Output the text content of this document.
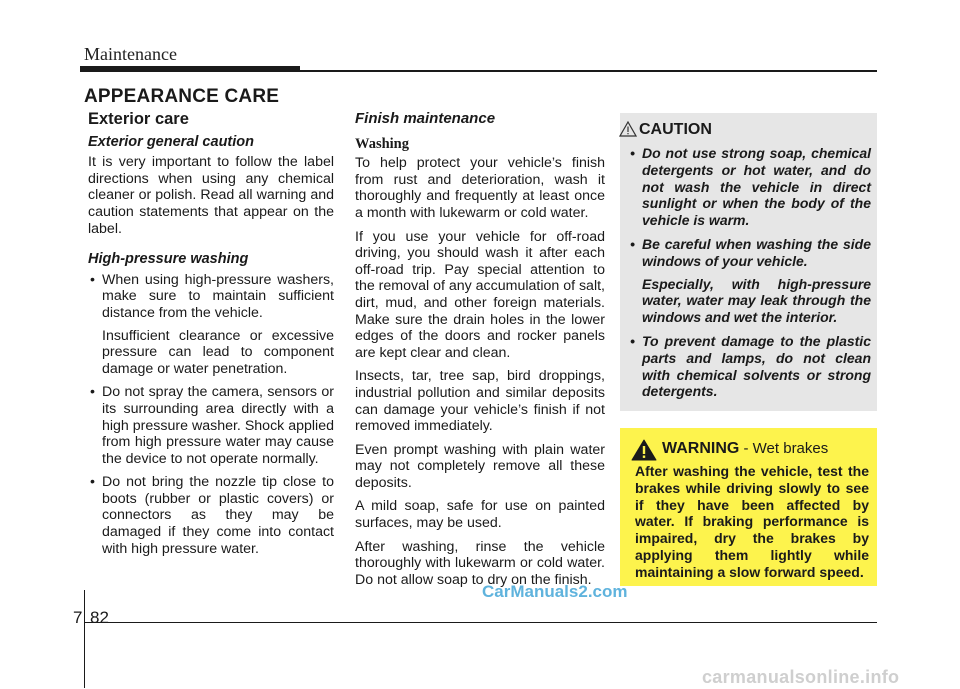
Maintenance
APPEARANCE CARE
Exterior care
Exterior general caution

It is very important to follow the label directions when using any chemical cleaner or polish. Read all warning and caution statements that appear on the label.

High-pressure washing
• When using high-pressure washers, make sure to maintain sufficient distance from the vehicle.

Insufficient clearance or excessive pressure can lead to component damage or water penetration.

• Do not spray the camera, sensors or its surrounding area directly with a high pressure washer. Shock applied from high pressure water may cause the device to not operate normally.

• Do not bring the nozzle tip close to boots (rubber or plastic covers) or connectors as they may be damaged if they come into contact with high pressure water.

Finish maintenance
Washing

To help protect your vehicle’s finish from rust and deterioration, wash it thoroughly and frequently at least once a month with lukewarm or cold water.

If you use your vehicle for off-road driving, you should wash it after each off-road trip. Pay special attention to the removal of any accumulation of salt, dirt, mud, and other foreign materials. Make sure the drain holes in the lower edges of the doors and rocker panels are kept clear and clean.

Insects, tar, tree sap, bird droppings, industrial pollution and similar deposits can damage your vehicle’s finish if not removed immediately.

Even prompt washing with plain water may not completely remove all these deposits.

A mild soap, safe for use on painted surfaces, may be used.

After washing, rinse the vehicle thoroughly with lukewarm or cold water. Do not allow soap to dry on the finish.

CAUTION
• Do not use strong soap, chemical detergents or hot water, and do not wash the vehicle in direct sunlight or when the body of the vehicle is warm.

• Be careful when washing the side windows of your vehicle.

Especially, with high-pressure water, water may leak through the windows and wet the interior.

• To prevent damage to the plastic parts and lamps, do not clean with chemical solvents or strong detergents.

WARNING - Wet brakes
After washing the vehicle, test the brakes while driving slowly to see if they have been affected by water. If braking performance is impaired, dry the brakes by applying them lightly while maintaining a slow forward speed.
CarManuals2.com
carmanualsonline.info
7 82
